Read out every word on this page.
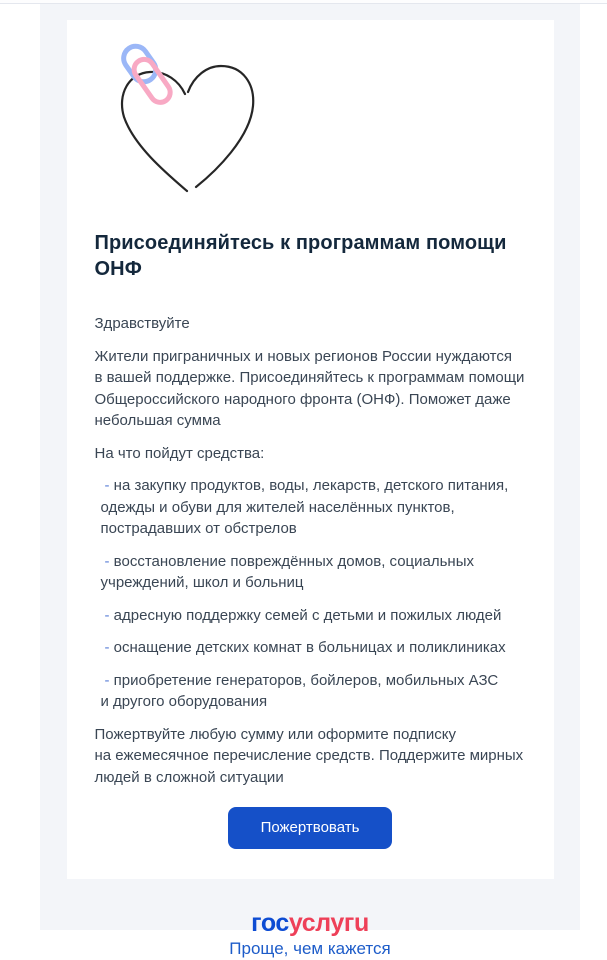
Присоединяйтесь к программам помощи ОНФ

Здравствуйте

Жители приграничных и новых регионов России нуждаются в вашей поддержке. Присоединяйтесь к программам помощи Общероссийского народного фронта (ОНФ). Поможет даже небольшая сумма

На что пойдут средства:

- на закупку продуктов, воды, лекарств, детского питания, одежды и обуви для жителей населённых пунктов, пострадавших от обстрелов
- восстановление повреждённых домов, социальных учреждений, школ и больниц
- адресную поддержку семей с детьми и пожилых людей
- оснащение детских комнат в больницах и поликлиниках
- приобретение генераторов, бойлеров, мобильных АЗС и другого оборудования

Пожертвуйте любую сумму или оформите подписку на ежемесячное перечисление средств. Поддержите мирных людей в сложной ситуации

Пожертвовать
госуслугu
Проще, чем кажется
